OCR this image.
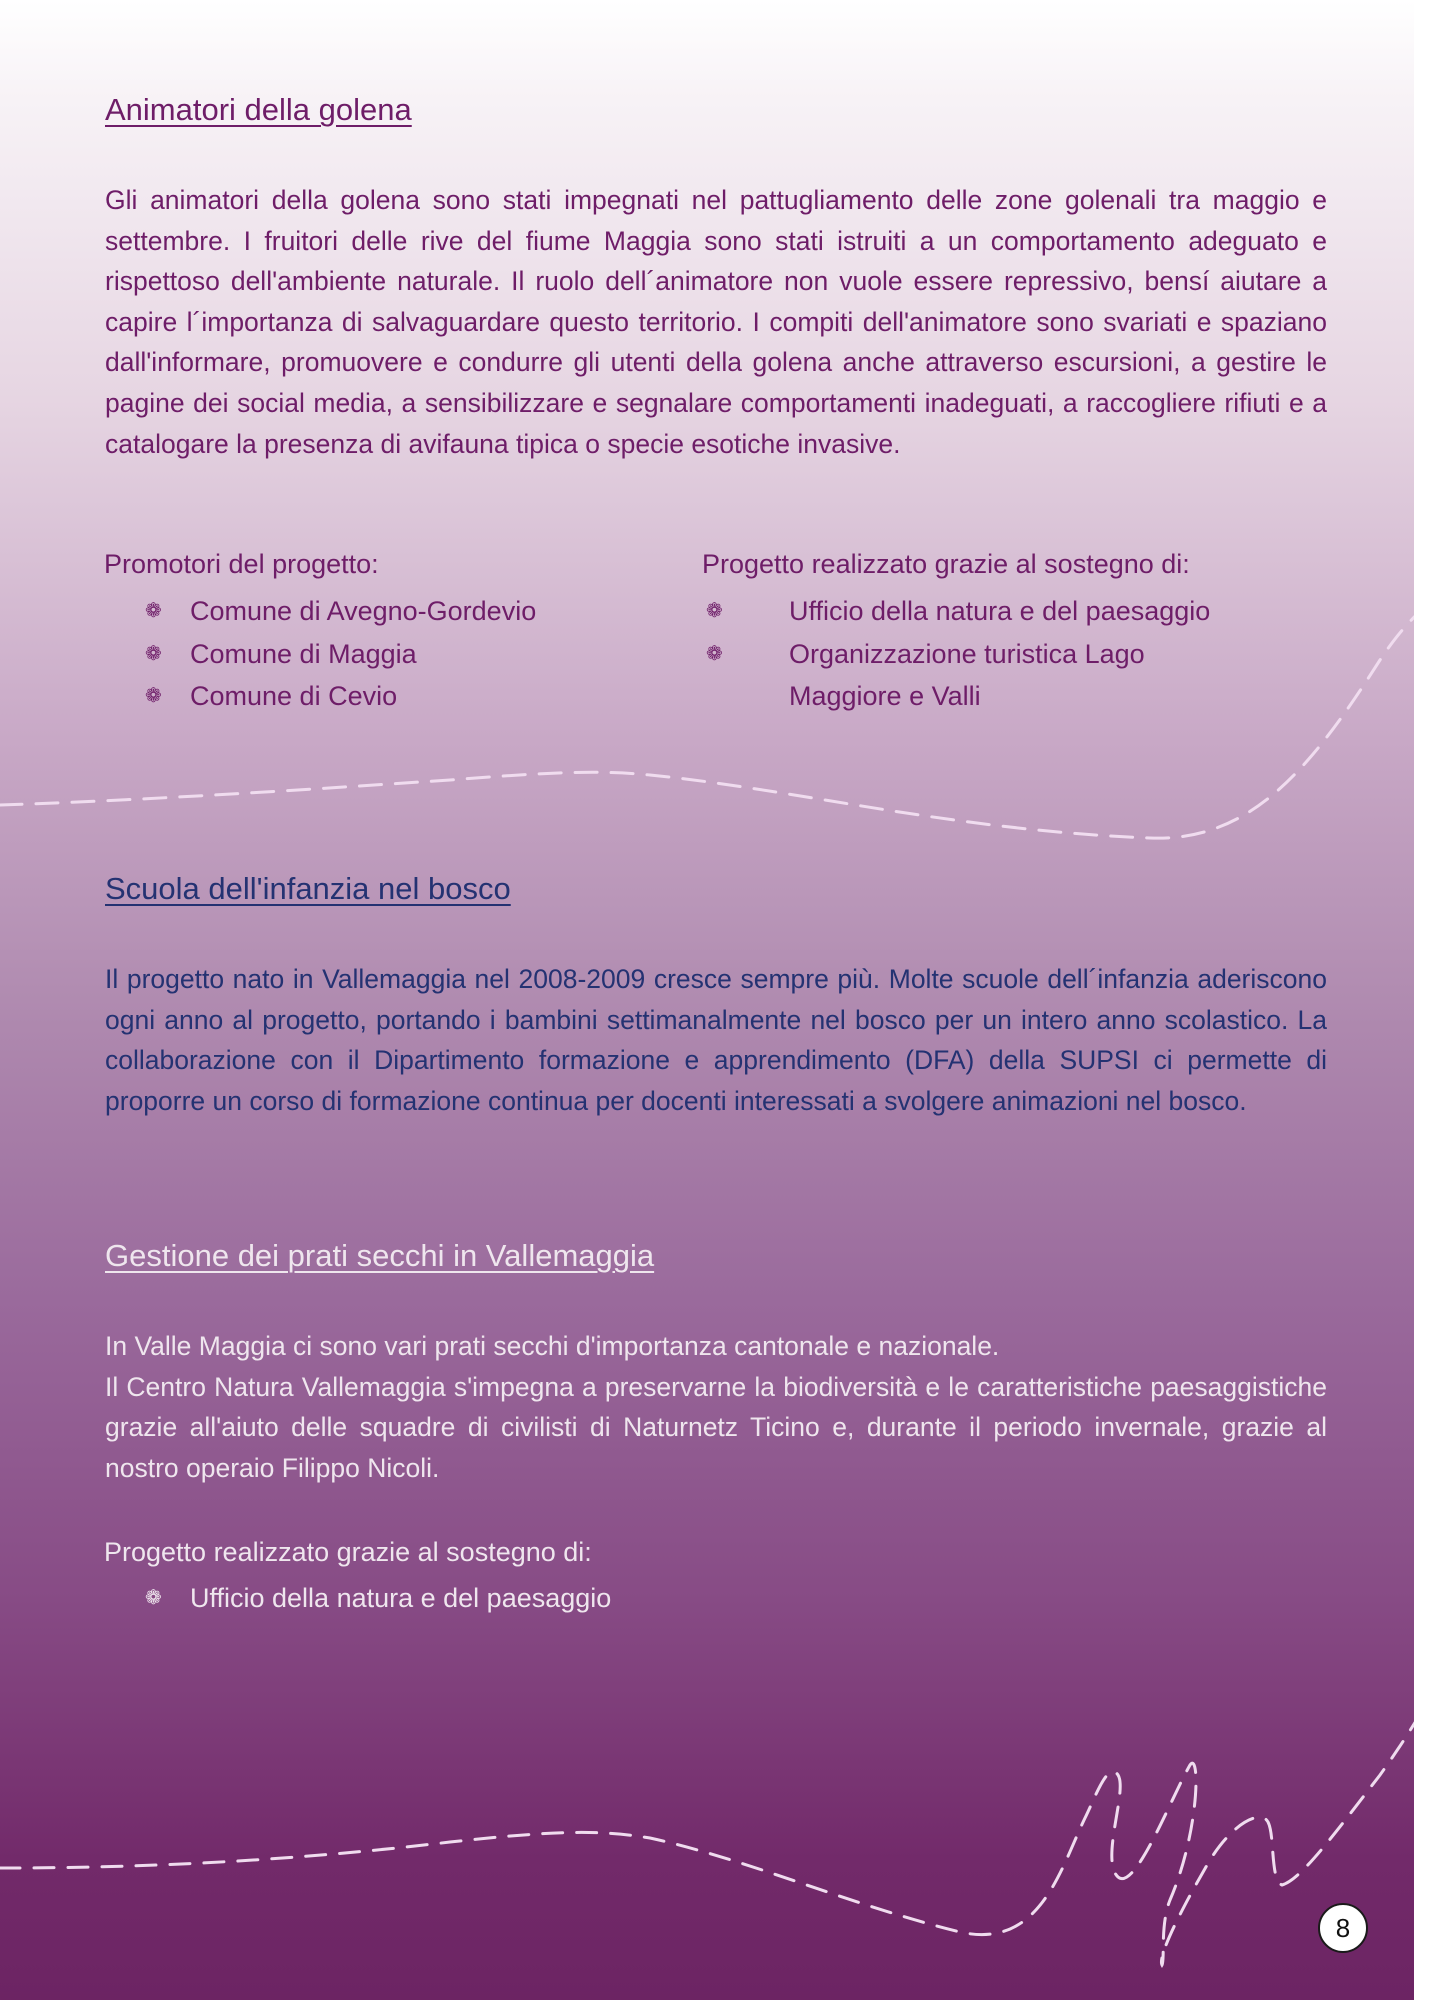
Animatori della golena

Gli animatori della golena sono stati impegnati nel pattugliamento delle zone golenali tra maggio e settembre. I fruitori delle rive del fiume Maggia sono stati istruiti a un comportamento adeguato e rispettoso dell'ambiente naturale. Il ruolo dell´animatore non vuole essere repressivo, bensí aiutare a capire l´importanza di salvaguardare questo territorio. I compiti dell'animatore sono svariati e spaziano dall'informare, promuovere e condurre gli utenti della golena anche attraverso escursioni, a gestire le pagine dei social media, a sensibilizzare e segnalare comportamenti inadeguati, a raccogliere rifiuti e a catalogare la presenza di avifauna tipica o specie esotiche invasive.

Promotori del progetto:
❁ Comune di Avegno-Gordevio
❁ Comune di Maggia
❁ Comune di Cevio
Progetto realizzato grazie al sostegno di:
❁ Ufficio della natura e del paesaggio
❁ Organizzazione turistica Lago
Maggiore e Valli
Scuola dell'infanzia nel bosco

Il progetto nato in Vallemaggia nel 2008-2009 cresce sempre più. Molte scuole dell´infanzia aderiscono ogni anno al progetto, portando i bambini settimanalmente nel bosco per un intero anno scolastico. La collaborazione con il Dipartimento formazione e apprendimento (DFA) della SUPSI ci permette di proporre un corso di formazione continua per docenti interessati a svolgere animazioni nel bosco.

Gestione dei prati secchi in Vallemaggia

In Valle Maggia ci sono vari prati secchi d'importanza cantonale e nazionale.

Il Centro Natura Vallemaggia s'impegna a preservarne la biodiversità e le caratteristiche paesaggistiche grazie all'aiuto delle squadre di civilisti di Naturnetz Ticino e, durante il periodo invernale, grazie al nostro operaio Filippo Nicoli.

Progetto realizzato grazie al sostegno di:
❁ Ufficio della natura e del paesaggio
8
